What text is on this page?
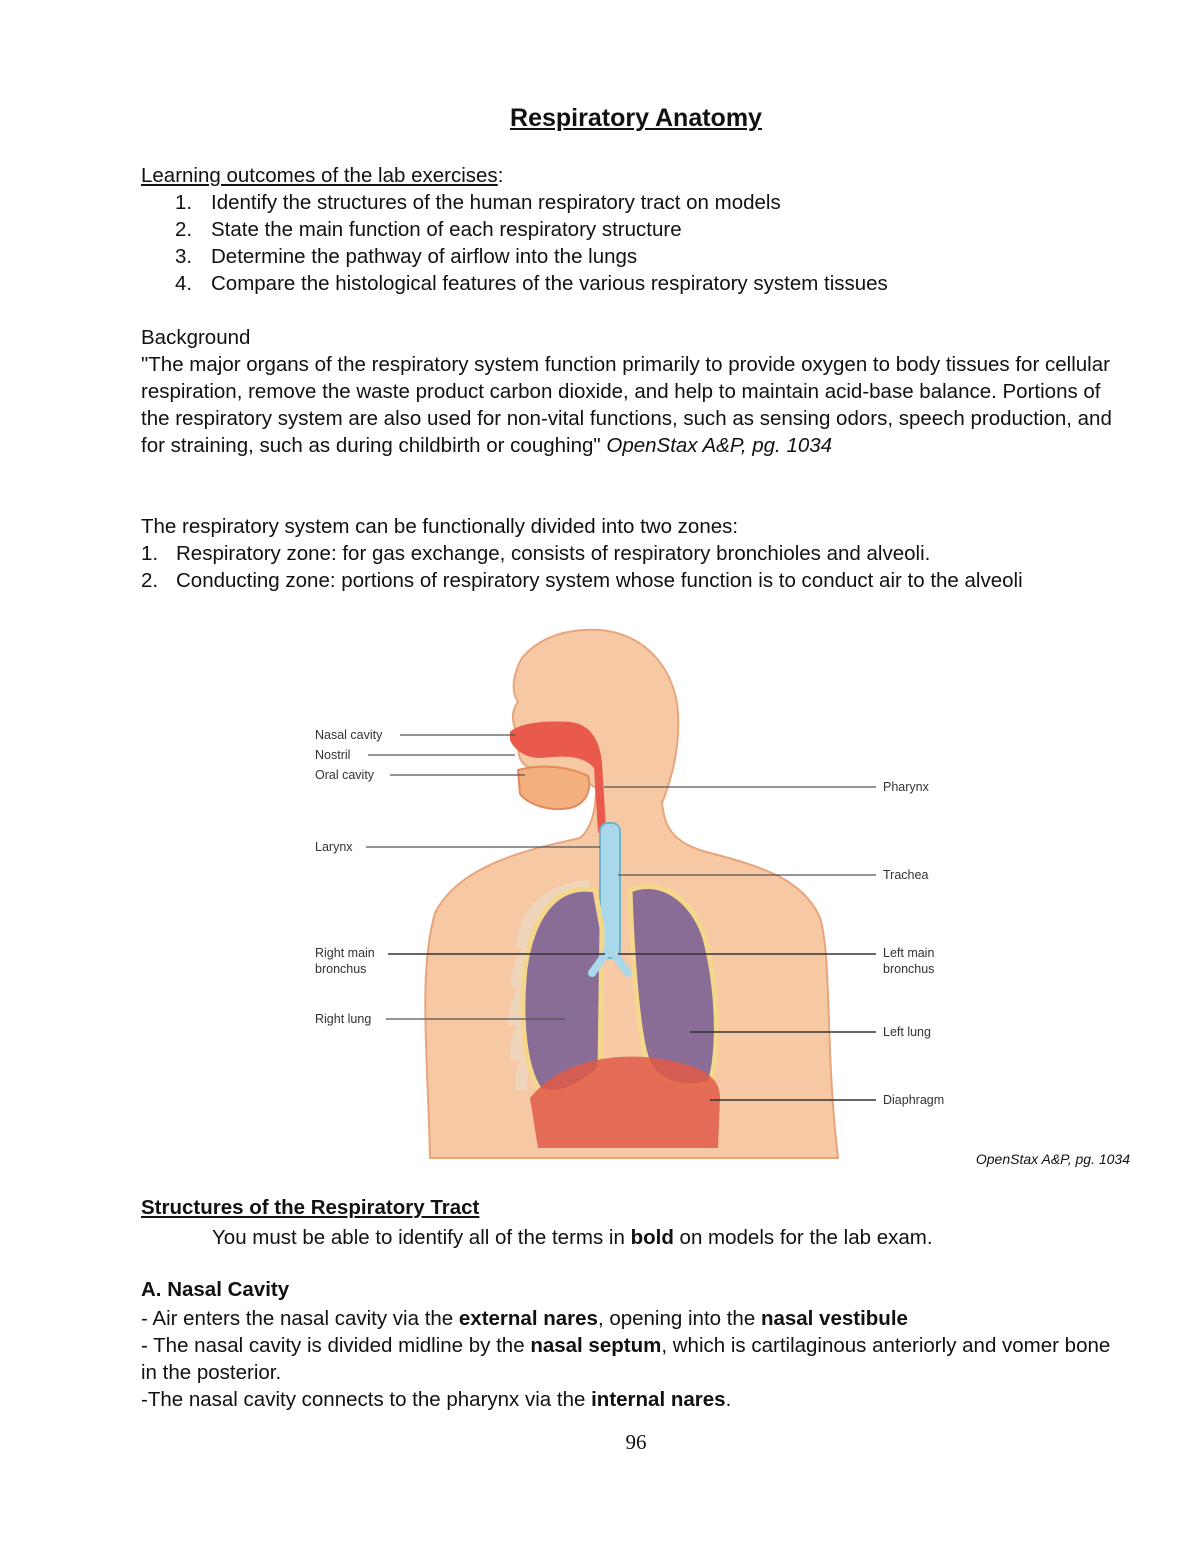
Respiratory Anatomy
Learning outcomes of the lab exercises:
1. Identify the structures of the human respiratory tract on models
2. State the main function of each respiratory structure
3. Determine the pathway of airflow into the lungs
4. Compare the histological features of the various respiratory system tissues
Background
"The major organs of the respiratory system function primarily to provide oxygen to body tissues for cellular respiration, remove the waste product carbon dioxide, and help to maintain acid-base balance. Portions of the respiratory system are also used for non-vital functions, such as sensing odors, speech production, and for straining, such as during childbirth or coughing" OpenStax A&P, pg. 1034
The respiratory system can be functionally divided into two zones:
1. Respiratory zone: for gas exchange, consists of respiratory bronchioles and alveoli.
2. Conducting zone: portions of respiratory system whose function is to conduct air to the alveoli
Nasal cavity
Nostril
Oral cavity
Larynx
Right main
bronchus
Right lung
Pharynx
Trachea
Left main
bronchus
Left lung
Diaphragm
OpenStax A&P, pg. 1034
Structures of the Respiratory Tract
You must be able to identify all of the terms in bold on models for the lab exam.
A. Nasal Cavity
- Air enters the nasal cavity via the external nares, opening into the nasal vestibule
- The nasal cavity is divided midline by the nasal septum, which is cartilaginous anteriorly and vomer bone in the posterior.
-The nasal cavity connects to the pharynx via the internal nares.
96
